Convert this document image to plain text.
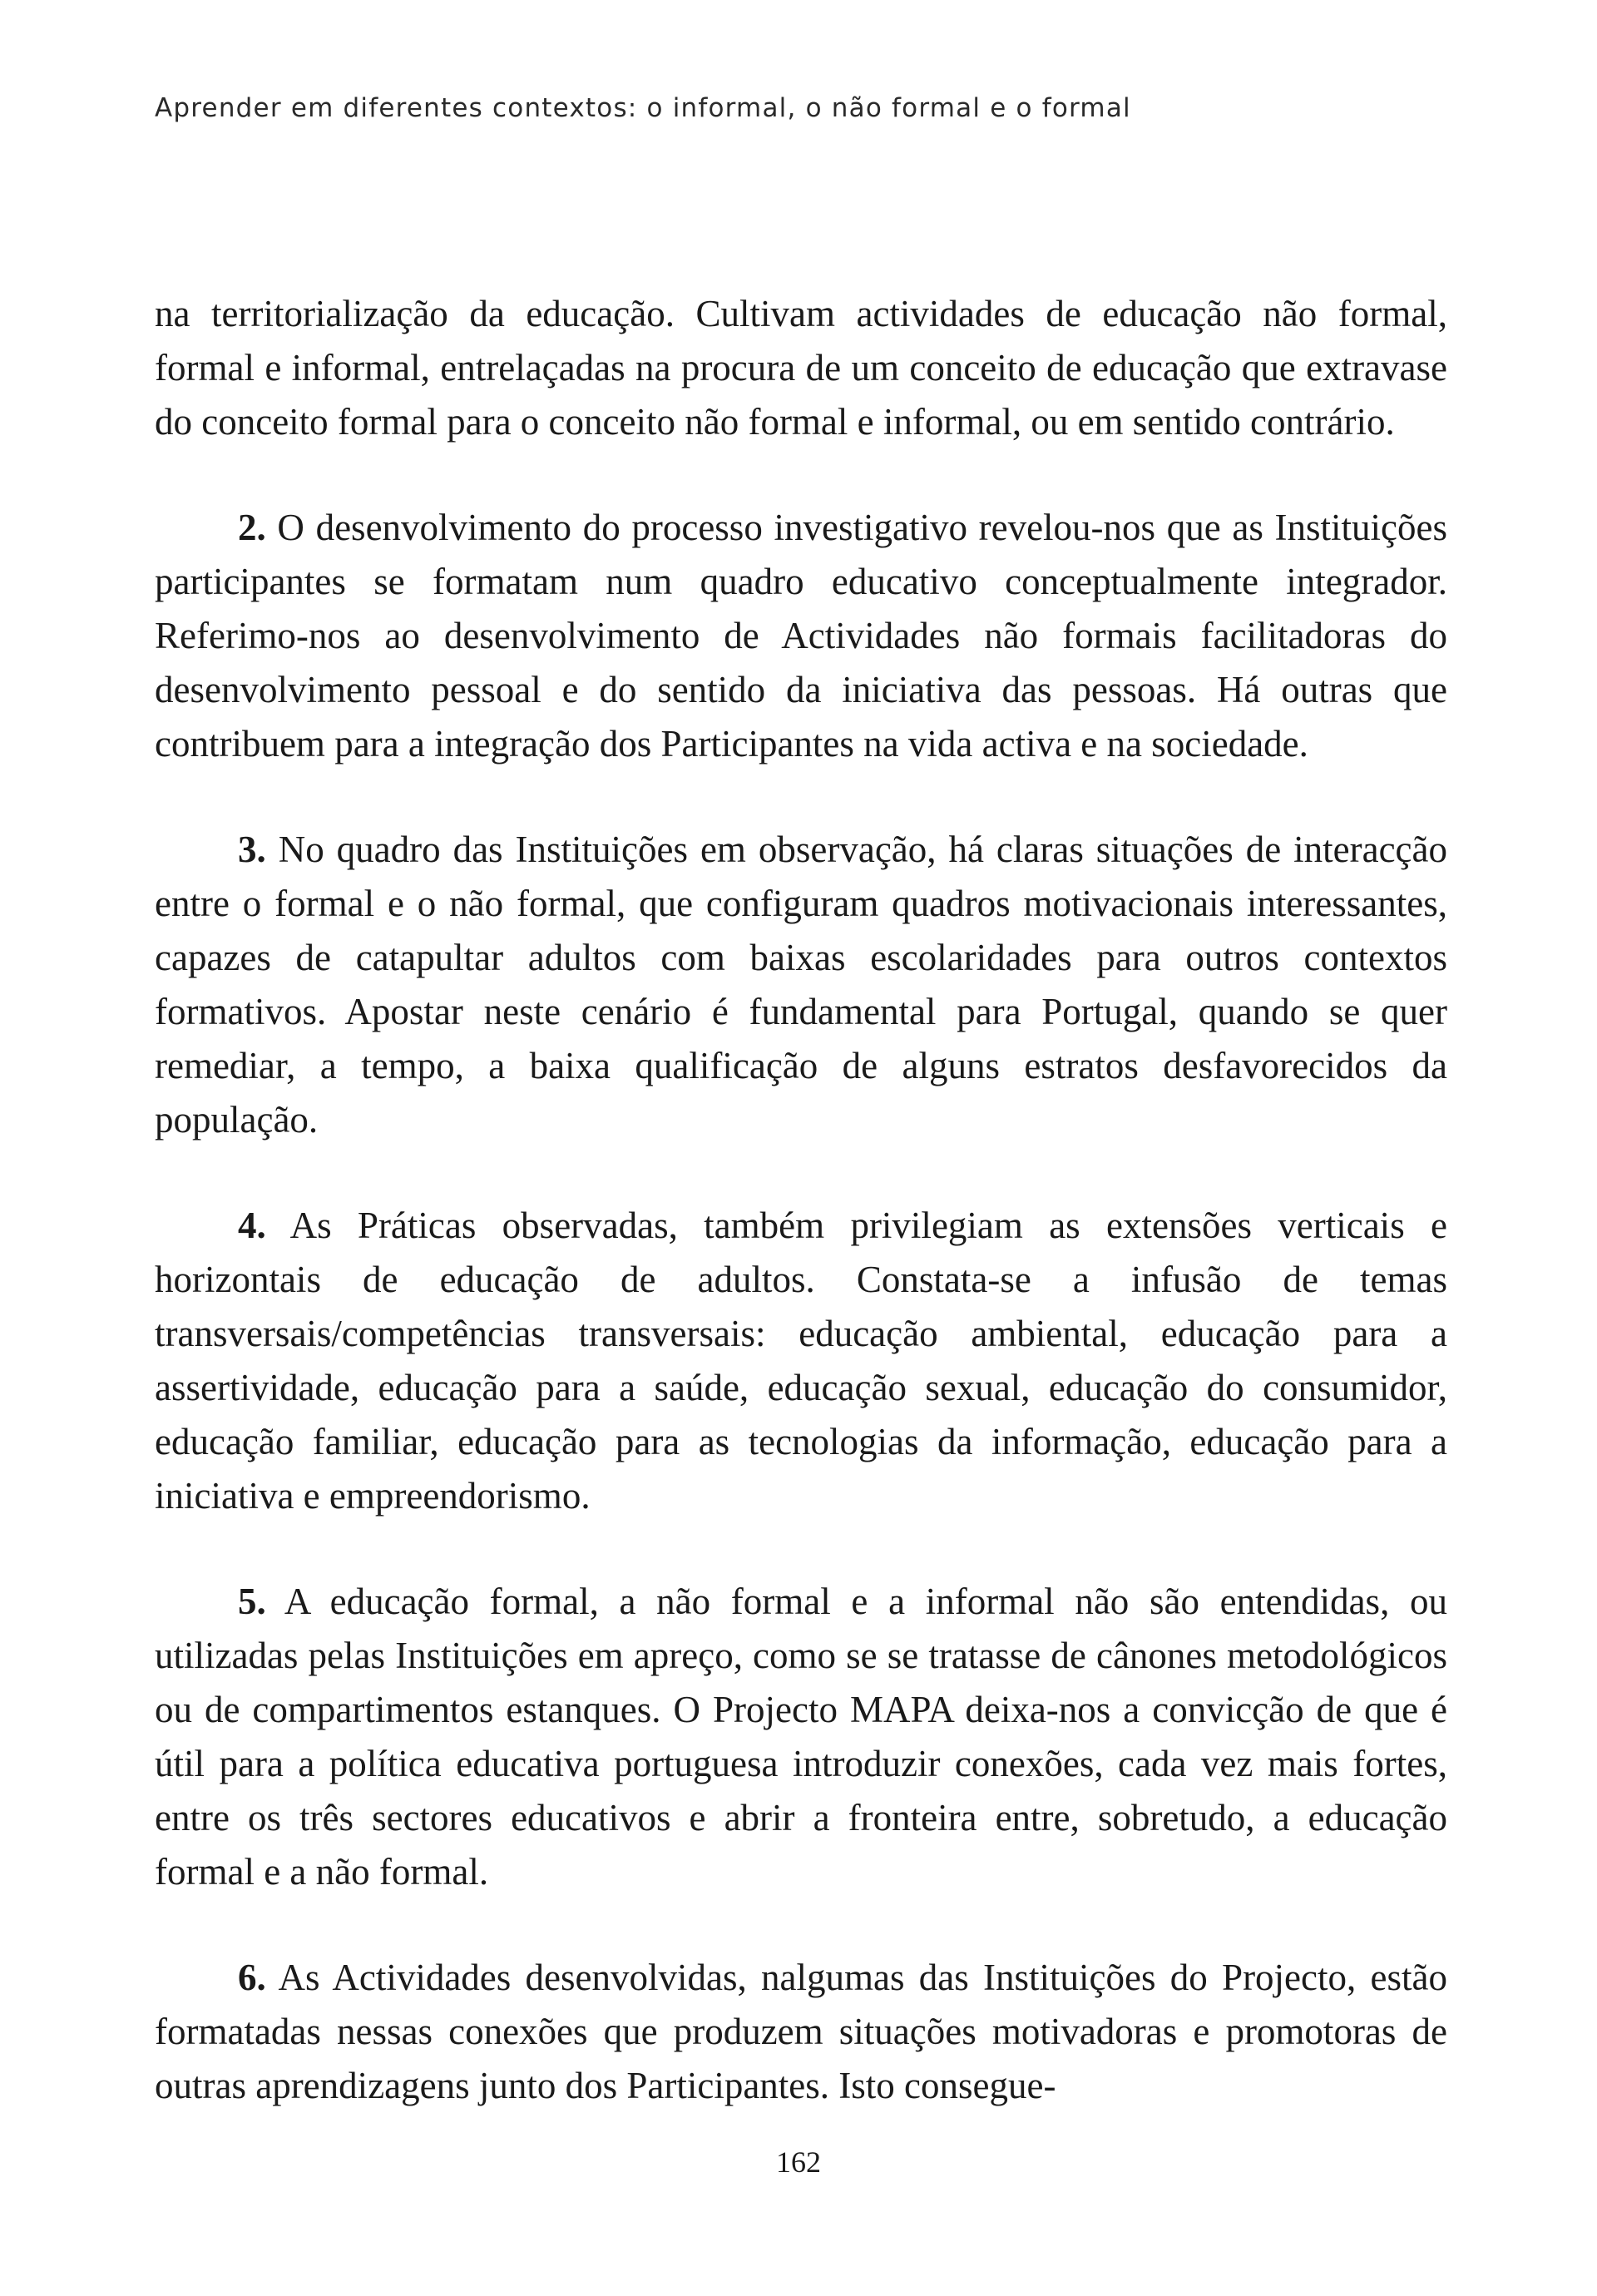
Aprender em diferentes contextos: o informal, o não formal e o formal

na territorialização da educação. Cultivam actividades de educação não formal, formal e informal, entrelaçadas na procura de um conceito de educação que extravase do conceito formal para o conceito não formal e informal, ou em sentido contrário.

2. O desenvolvimento do processo investigativo revelou-nos que as Instituições participantes se formatam num quadro educativo conceptualmente integrador. Referimo-nos ao desenvolvimento de Actividades não formais facilitadoras do desenvolvimento pessoal e do sentido da iniciativa das pessoas. Há outras que contribuem para a integração dos Participantes na vida activa e na sociedade.

3. No quadro das Instituições em observação, há claras situações de interacção entre o formal e o não formal, que configuram quadros motivacionais interessantes, capazes de catapultar adultos com baixas escolaridades para outros contextos formativos. Apostar neste cenário é fundamental para Portugal, quando se quer remediar, a tempo, a baixa qualificação de alguns estratos desfavorecidos da população.

4. As Práticas observadas, também privilegiam as extensões verticais e horizontais de educação de adultos. Constata-se a infusão de temas transversais/competências transversais: educação ambiental, educação para a assertividade, educação para a saúde, educação sexual, educação do consumidor, educação familiar, educação para as tecnologias da informação, educação para a iniciativa e empreendorismo.

5. A educação formal, a não formal e a informal não são entendidas, ou utilizadas pelas Instituições em apreço, como se se tratasse de cânones metodológicos ou de compartimentos estanques. O Projecto MAPA deixa-nos a convicção de que é útil para a política educativa portuguesa introduzir conexões, cada vez mais fortes, entre os três sectores educativos e abrir a fronteira entre, sobretudo, a educação formal e a não formal.

6. As Actividades desenvolvidas, nalgumas das Instituições do Projecto, estão formatadas nessas conexões que produzem situações motivadoras e promotoras de outras aprendizagens junto dos Participantes. Isto consegue-

162
